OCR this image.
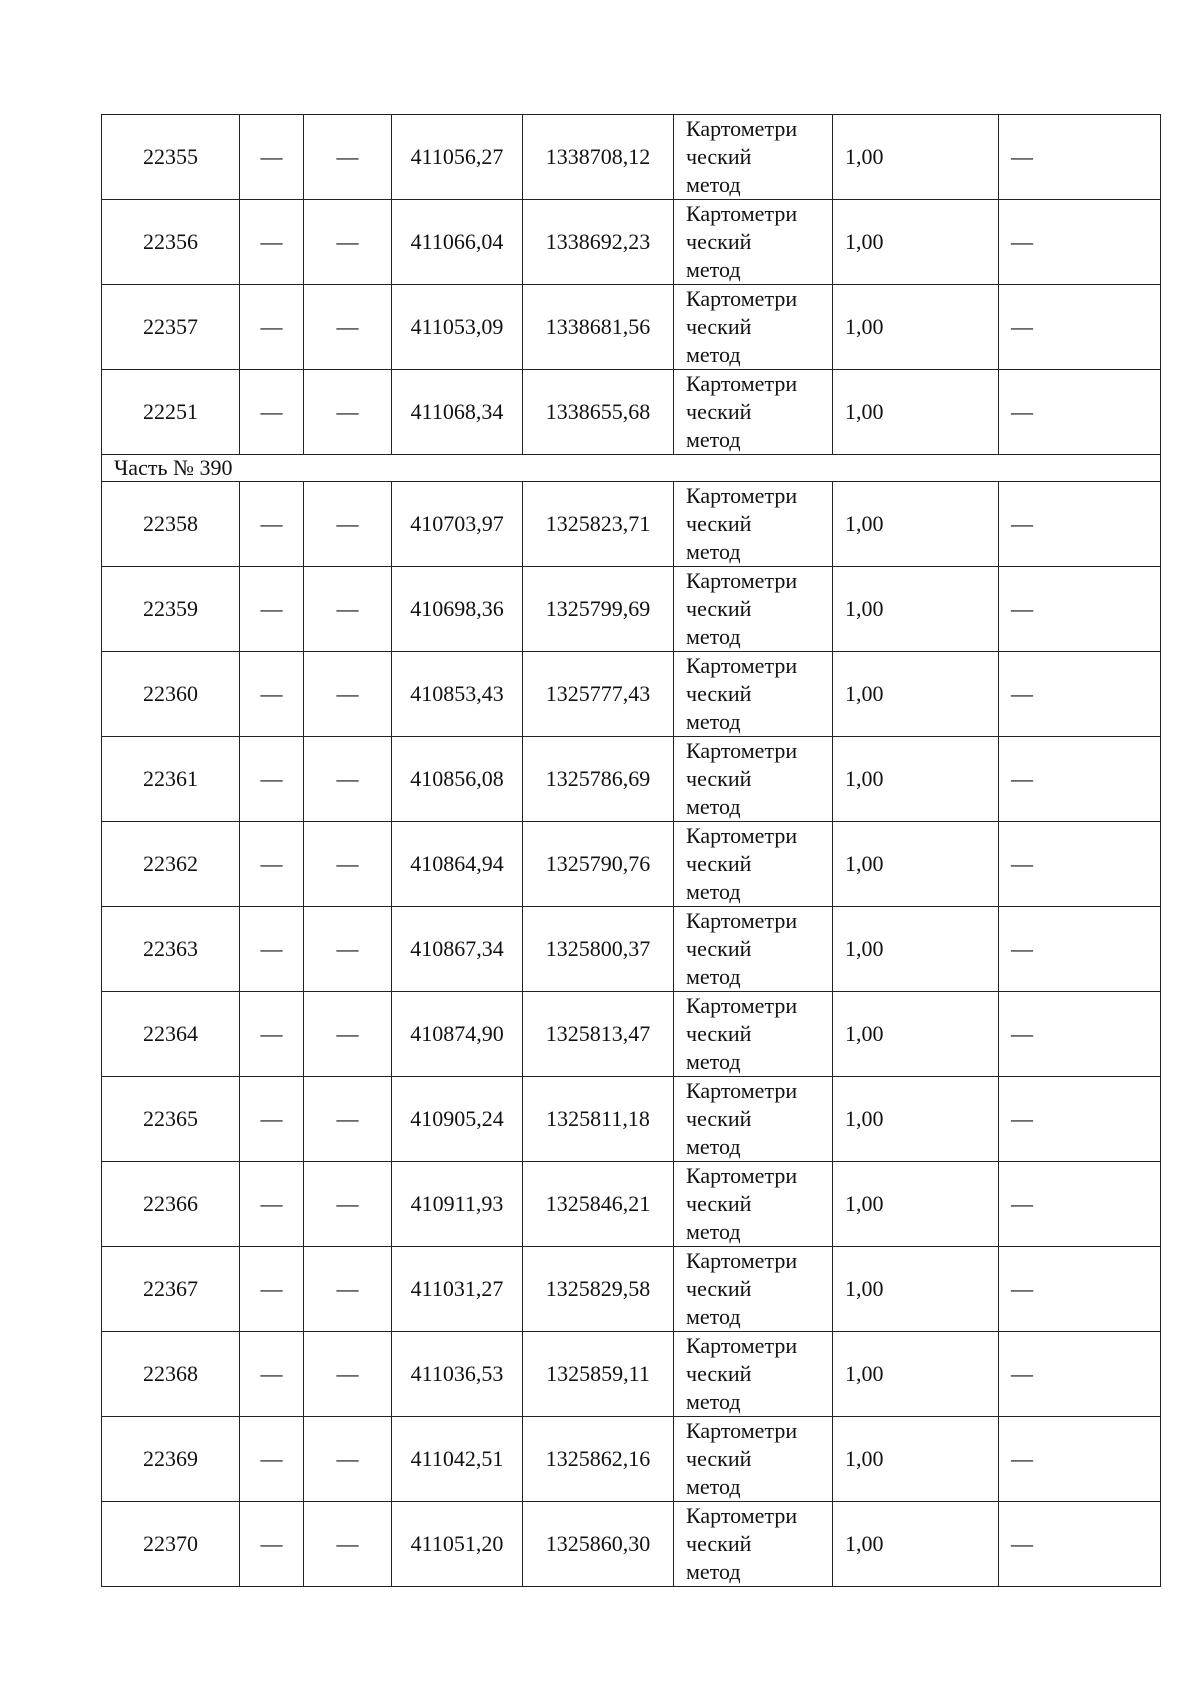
22355	—	—	411056,27	1338708,12	Картометри
ческий
метод	1,00	—
22356	—	—	411066,04	1338692,23	Картометри
ческий
метод	1,00	—
22357	—	—	411053,09	1338681,56	Картометри
ческий
метод	1,00	—
22251	—	—	411068,34	1338655,68	Картометри
ческий
метод	1,00	—
Часть № 390							
22358	—	—	410703,97	1325823,71	Картометри
ческий
метод	1,00	—
22359	—	—	410698,36	1325799,69	Картометри
ческий
метод	1,00	—
22360	—	—	410853,43	1325777,43	Картометри
ческий
метод	1,00	—
22361	—	—	410856,08	1325786,69	Картометри
ческий
метод	1,00	—
22362	—	—	410864,94	1325790,76	Картометри
ческий
метод	1,00	—
22363	—	—	410867,34	1325800,37	Картометри
ческий
метод	1,00	—
22364	—	—	410874,90	1325813,47	Картометри
ческий
метод	1,00	—
22365	—	—	410905,24	1325811,18	Картометри
ческий
метод	1,00	—
22366	—	—	410911,93	1325846,21	Картометри
ческий
метод	1,00	—
22367	—	—	411031,27	1325829,58	Картометри
ческий
метод	1,00	—
22368	—	—	411036,53	1325859,11	Картометри
ческий
метод	1,00	—
22369	—	—	411042,51	1325862,16	Картометри
ческий
метод	1,00	—
22370	—	—	411051,20	1325860,30	Картометри
ческий
метод	1,00	—
